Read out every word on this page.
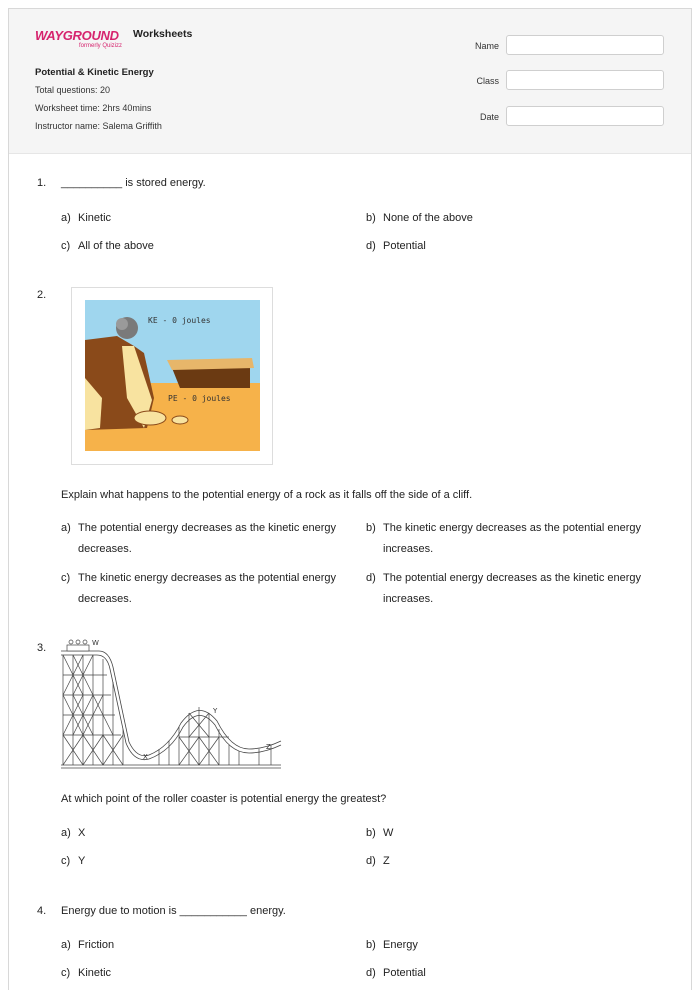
WAYGROUND
formerly Quizizz
Worksheets
Potential & Kinetic Energy
Total questions: 20
Worksheet time: 2hrs 40mins
Instructor name: Salema Griffith
Name
Class
Date
1. __________ is stored energy.
a) Kinetic	b) None of the above
c) All of the above	d) Potential
2.
KE - 0 joules
PE - 0 joules
Explain what happens to the potential energy of a rock as it falls off the side of a cliff.
a) The potential energy decreases as the kinetic energy decreases.
b) The kinetic energy decreases as the potential energy increases.
c) The kinetic energy decreases as the potential energy decreases.
d) The potential energy decreases as the kinetic energy increases.
3.	W
X
Y
Z
At which point of the roller coaster is potential energy the greatest?
a) X	b) W
c) Y	d) Z
4. Energy due to motion is ___________ energy.
a) Friction	b) Energy
c) Kinetic	d) Potential
